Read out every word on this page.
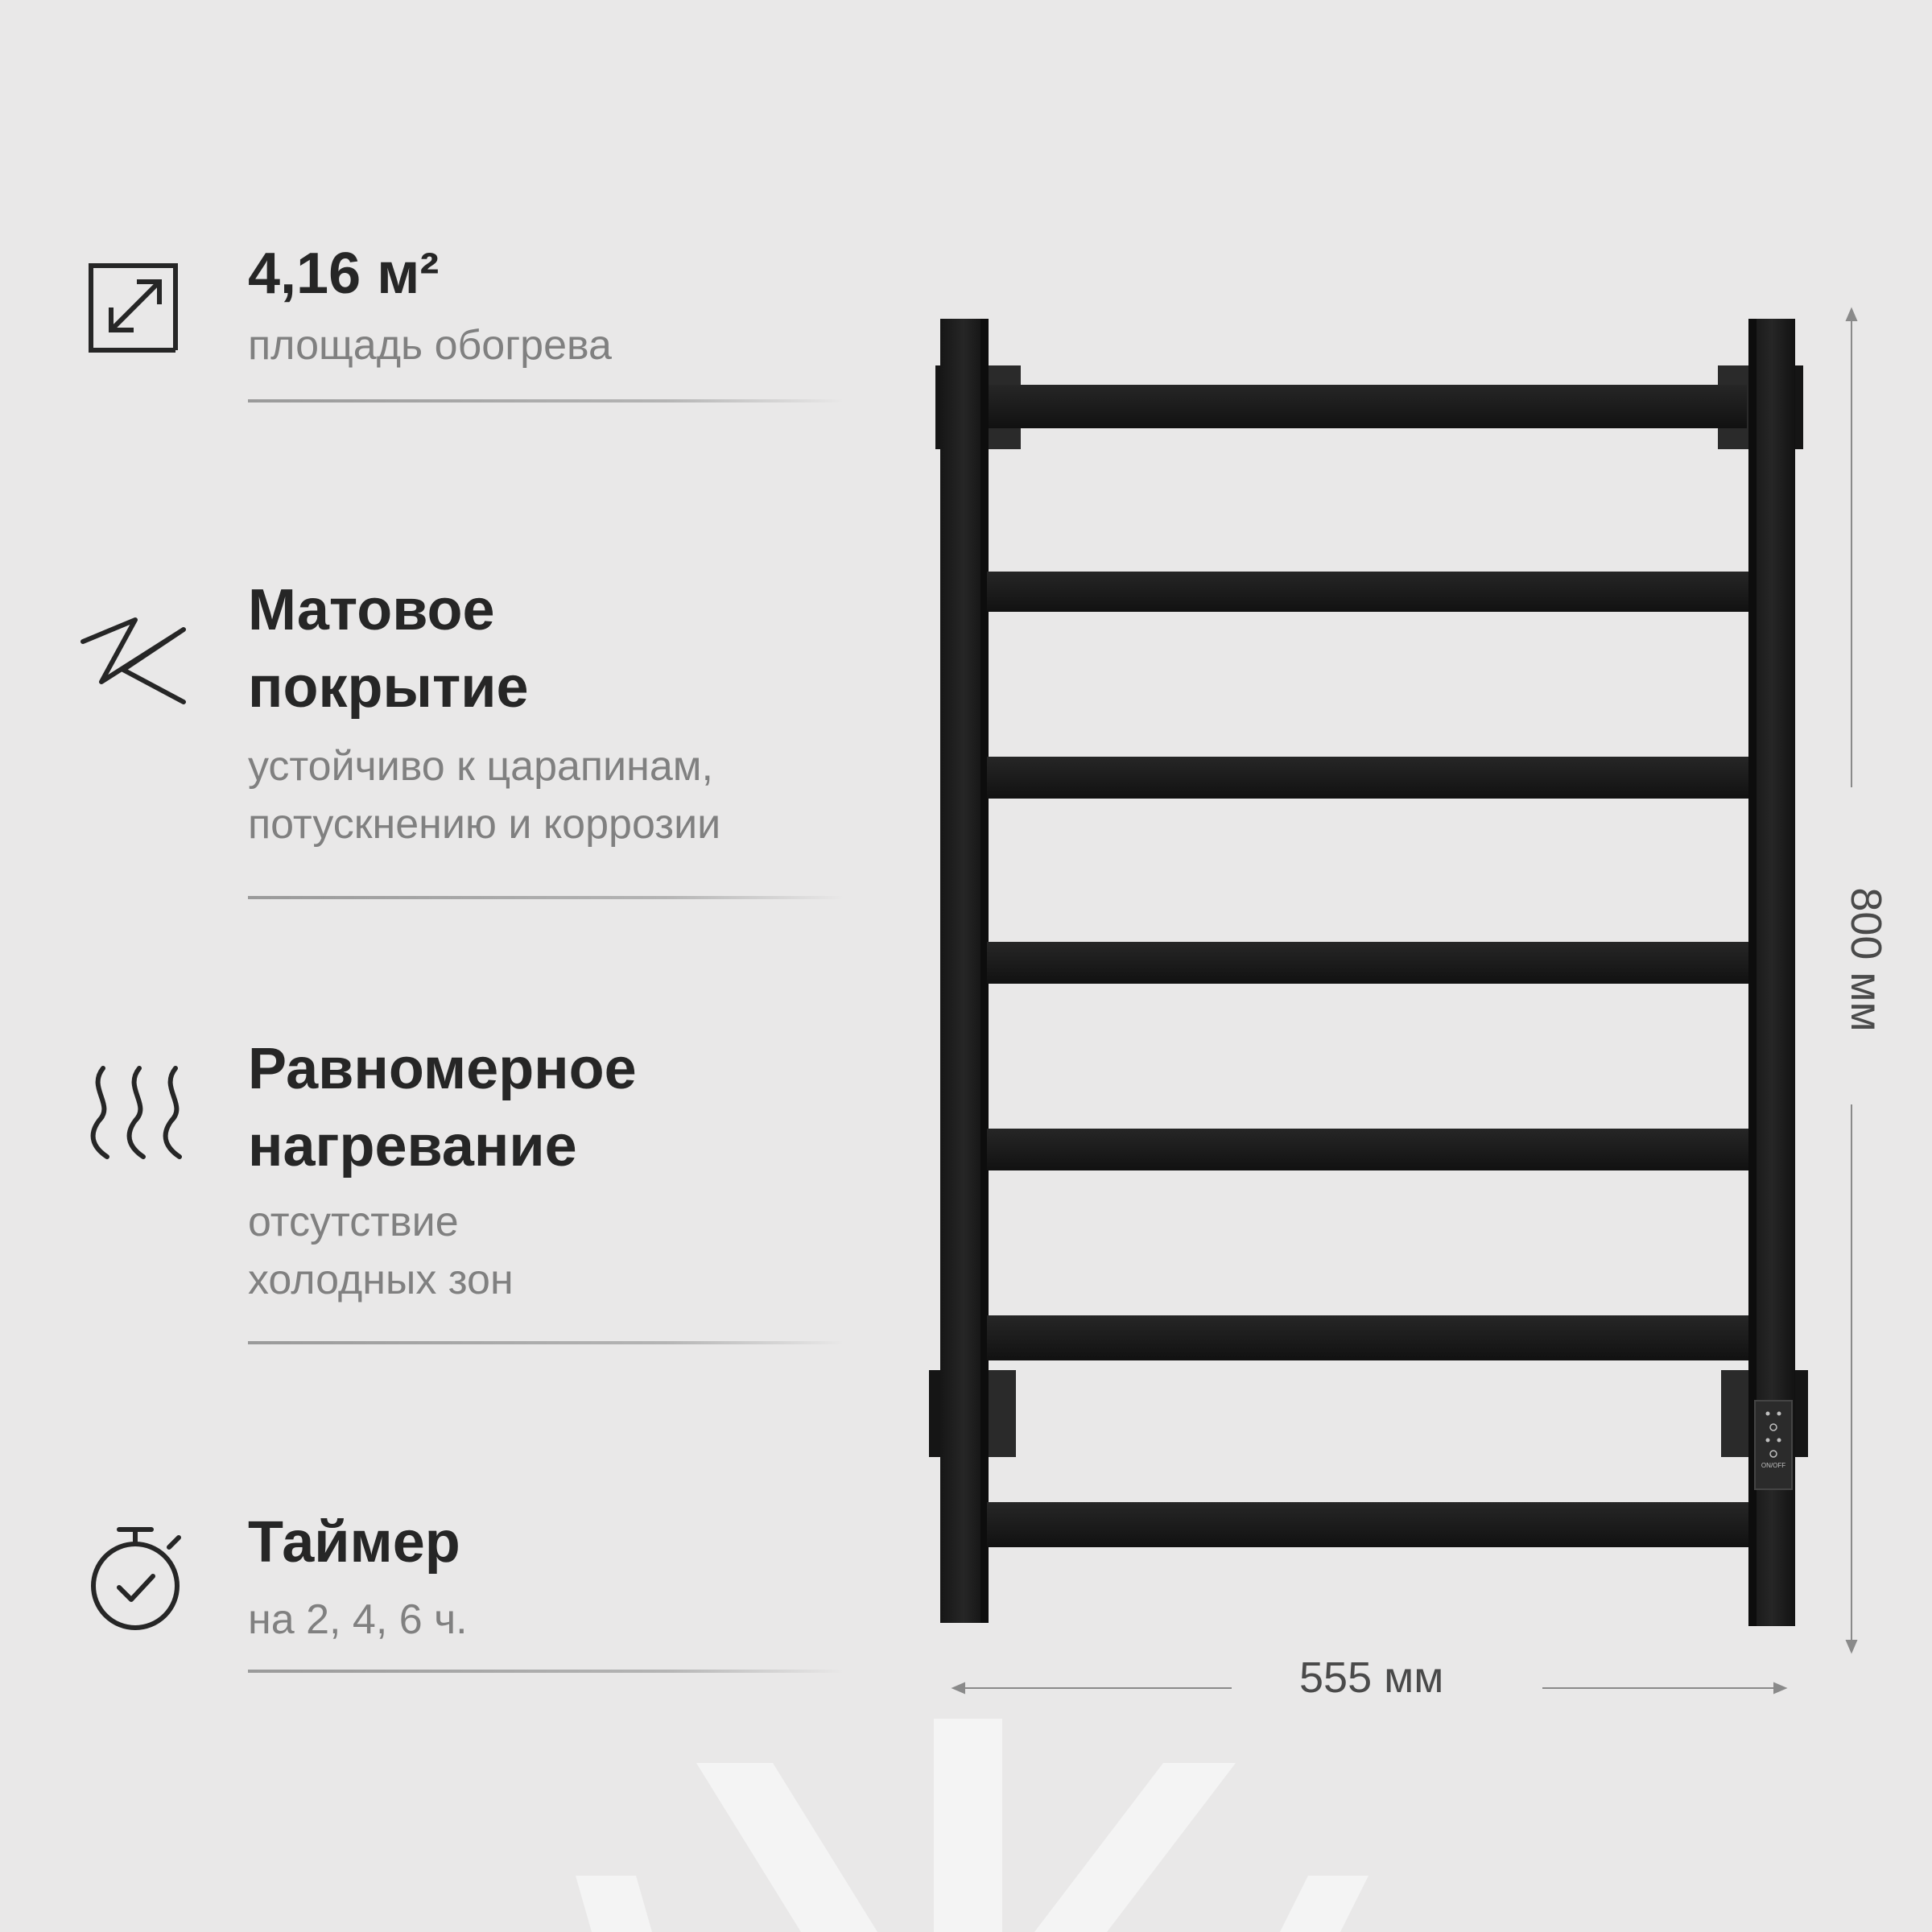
4,16 м²

площадь обогрева

Матовое

покрытие

устойчиво к царапинам,

потускнению и коррозии

Равномерное

нагревание

отсутствие

холодных зон

Таймер

на 2, 4, 6 ч.

ON/OFF
555 мм
800 мм
